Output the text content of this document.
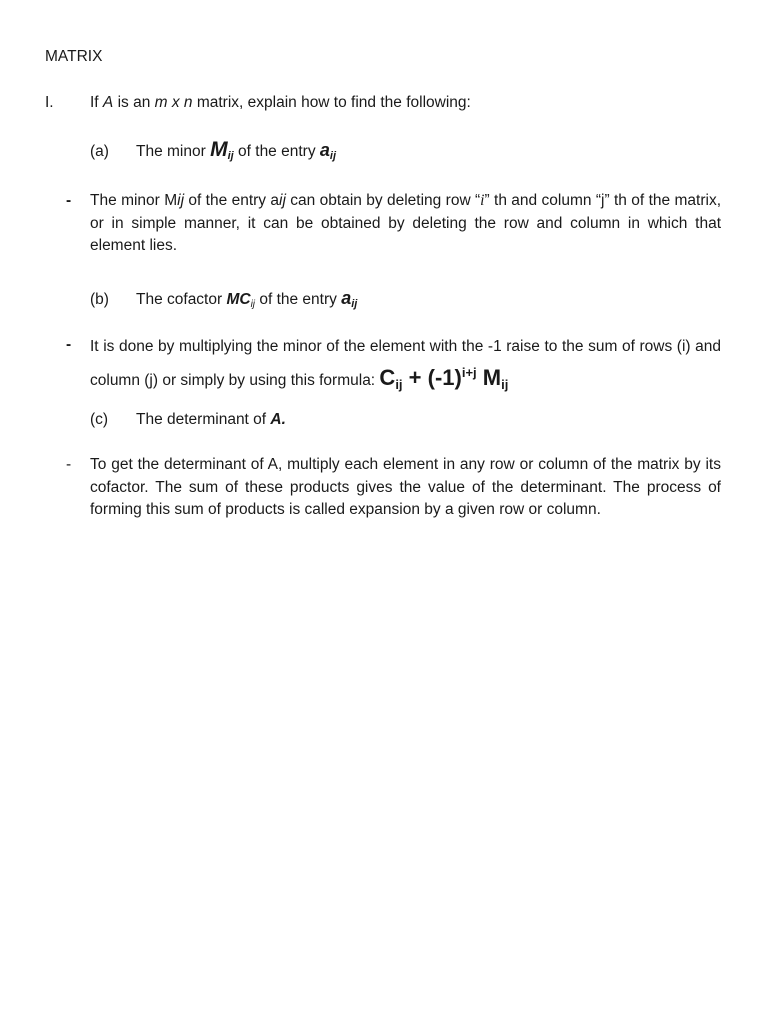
MATRIX
I. If A is an m x n matrix, explain how to find the following:
(a) The minor Mij of the entry aij
- The minor Mij of the entry aij can obtain by deleting row “i” th and column “j” th of the matrix, or in simple manner, it can be obtained by deleting the row and column in which that element lies.
(b) The cofactor MCij of the entry aij
- It is done by multiplying the minor of the element with the -1 raise to the sum of rows (i) and column (j) or simply by using this formula: Cij + $(-1)^{i+j}$ Mij
(c) The determinant of A.
- To get the determinant of A, multiply each element in any row or column of the matrix by its cofactor. The sum of these products gives the value of the determinant. The process of forming this sum of products is called expansion by a given row or column.
